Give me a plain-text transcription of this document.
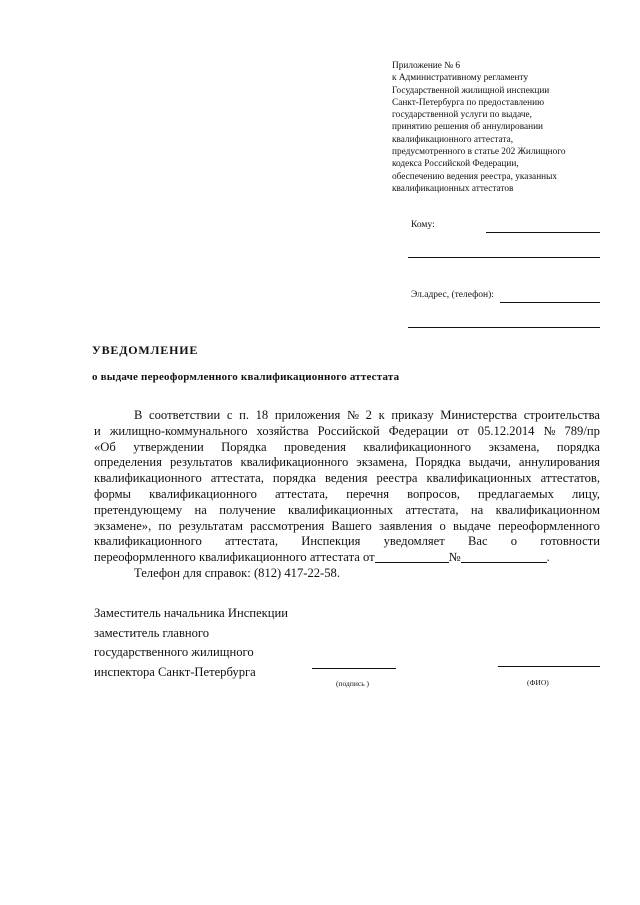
Приложение № 6
к Административному регламенту
Государственной жилищной инспекции
Санкт-Петербурга по предоставлению
государственной услуги по выдаче,
принятию решения об аннулировании
квалификационного аттестата,
предусмотренного в статье 202 Жилищного
кодекса Российской Федерации,
обеспечению ведения реестра, указанных
квалификационных аттестатов
Кому:
Эл.адрес, (телефон):
УВЕДОМЛЕНИЕ
о выдаче переоформленного квалификационного аттестата
В соответствии с п. 18 приложения № 2 к приказу Министерства строительства
и жилищно-коммунального хозяйства Российской Федерации от 05.12.2014 № 789/пр
«Об утверждении Порядка проведения квалификационного экзамена, порядка
определения результатов квалификационного экзамена, Порядка выдачи, аннулирования
квалификационного аттестата, порядка ведения реестра квалификационных аттестатов,
формы квалификационного аттестата, перечня вопросов, предлагаемых лицу,
претендующему на получение квалификационных аттестата, на квалификационном
экзамене», по результатам рассмотрения Вашего заявления о выдаче переоформленного
квалификационного аттестата, Инспекция уведомляет Вас о готовности
переоформленного квалификационного аттестата от	№	.
Телефон для справок: (812) 417-22-58.
Заместитель начальника Инспекции
заместитель главного
государственного жилищного
инспектора Санкт-Петербурга
(подпись )	(ФИО)
